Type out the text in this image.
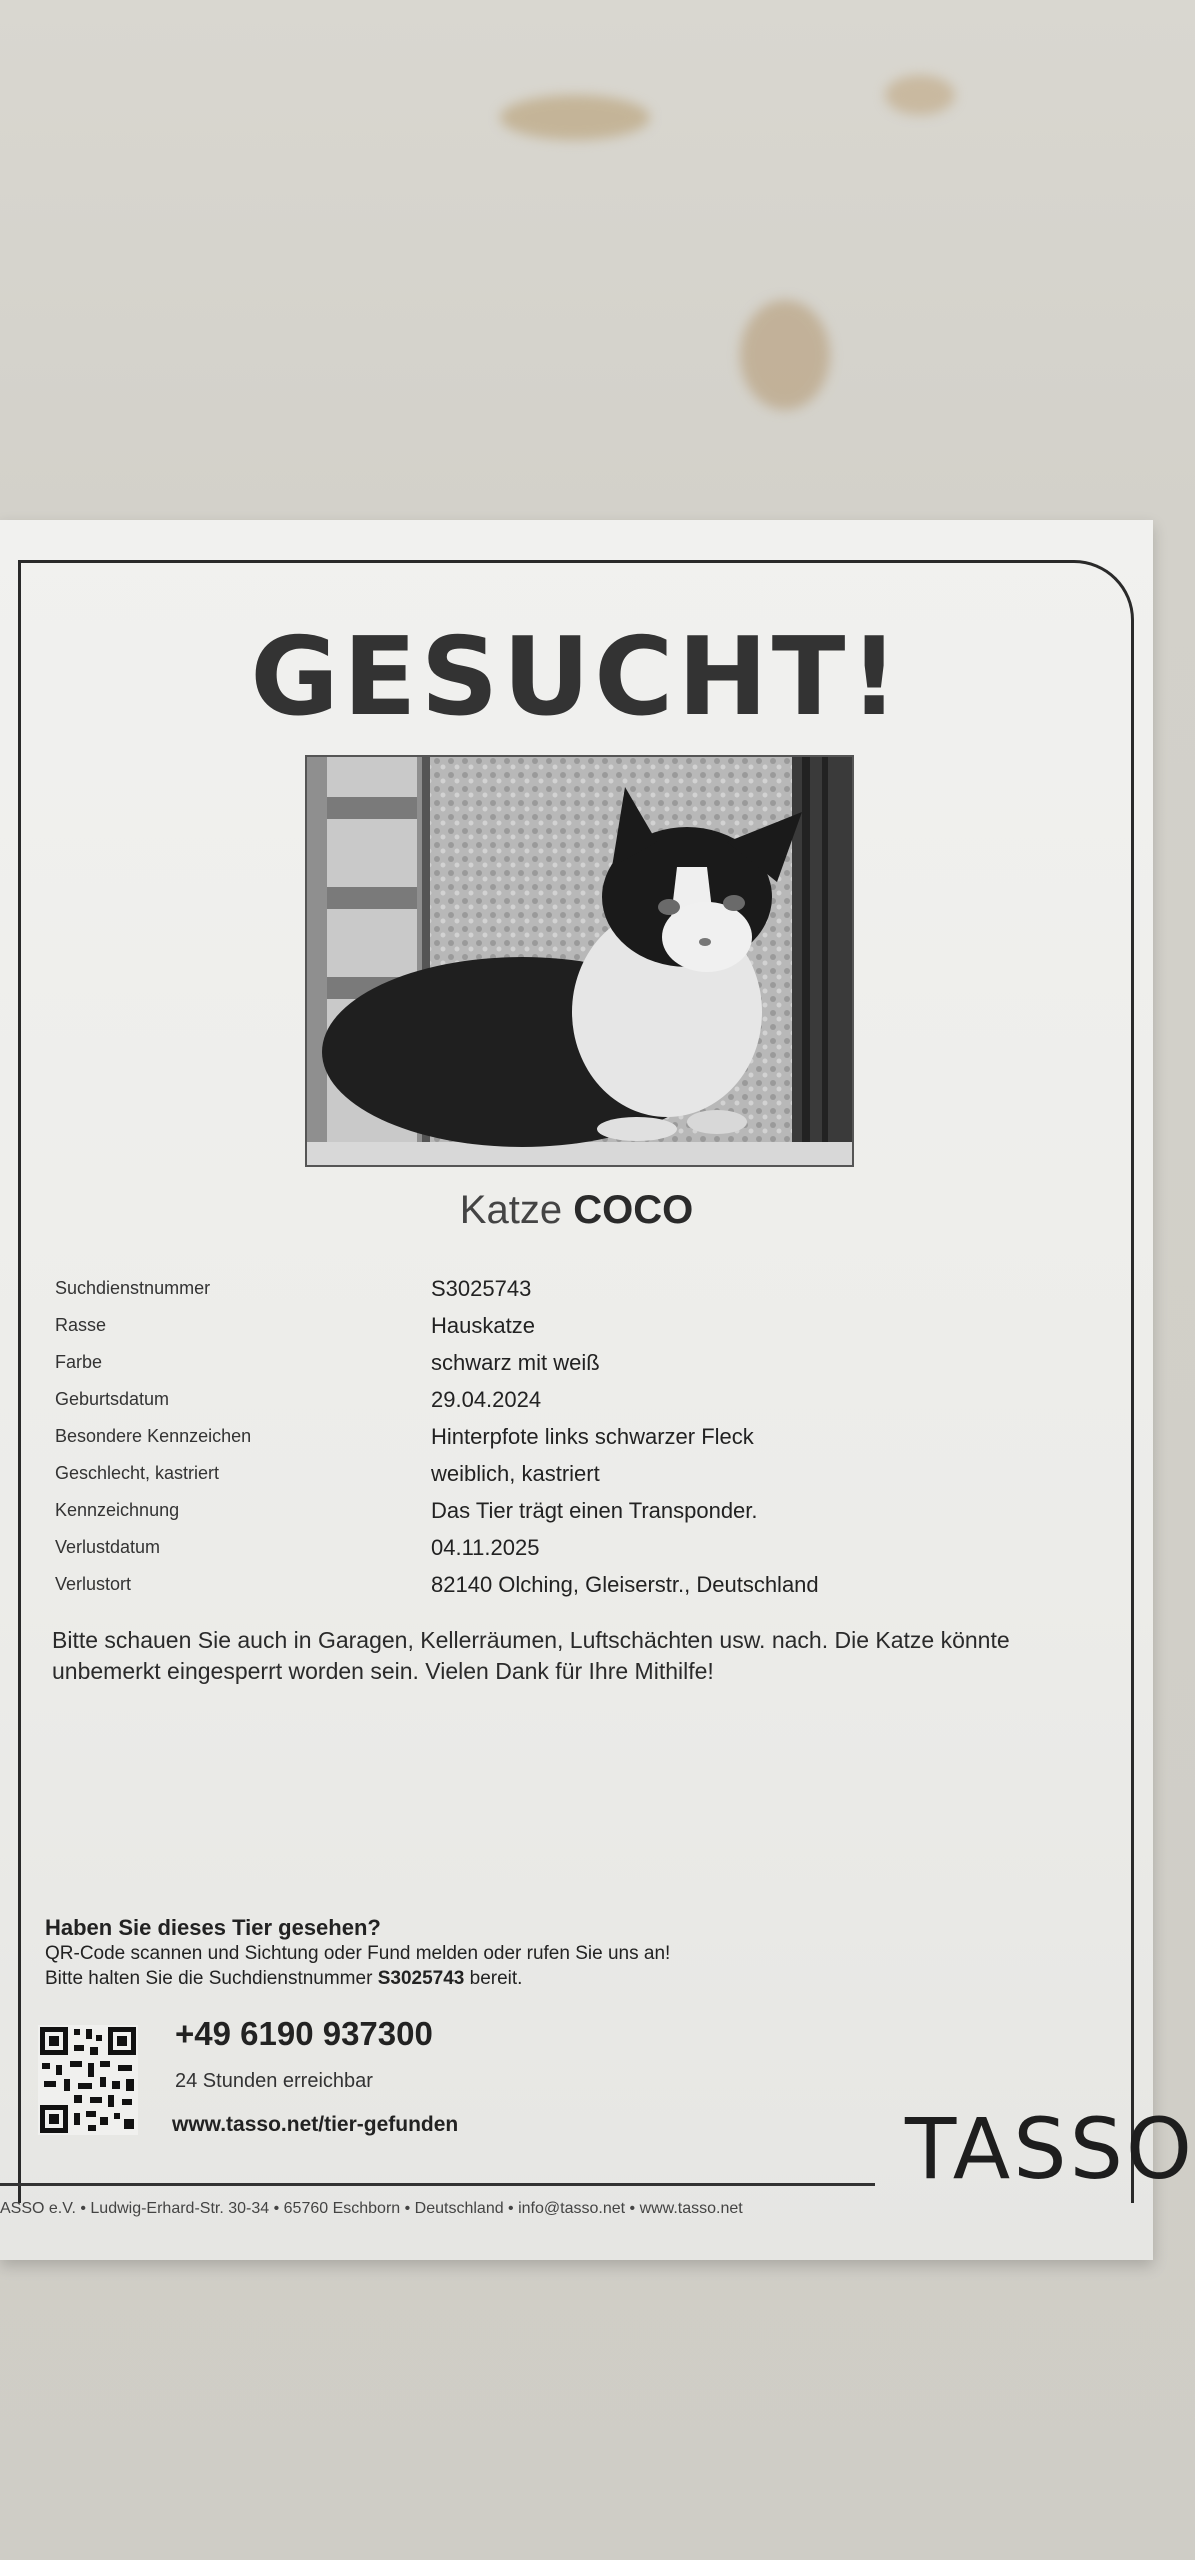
GESUCHT!
Katze COCO
Suchdienstnummer	S3025743
Rasse	Hauskatze
Farbe	schwarz mit weiß
Geburtsdatum	29.04.2024
Besondere Kennzeichen	Hinterpfote links schwarzer Fleck
Geschlecht, kastriert	weiblich, kastriert
Kennzeichnung	Das Tier trägt einen Transponder.
Verlustdatum	04.11.2025
Verlustort	82140 Olching, Gleiserstr., Deutschland
Bitte schauen Sie auch in Garagen, Kellerräumen, Luftschächten usw. nach. Die Katze könnte unbemerkt eingesperrt worden sein. Vielen Dank für Ihre Mithilfe!
Haben Sie dieses Tier gesehen?
QR-Code scannen und Sichtung oder Fund melden oder rufen Sie uns an!
Bitte halten Sie die Suchdienstnummer S3025743 bereit.
+49 6190 937300
24 Stunden erreichbar
www.tasso.net/tier-gefunden	TASSO
ASSO e.V. • Ludwig-Erhard-Str. 30-34 • 65760 Eschborn • Deutschland • info@tasso.net • www.tasso.net
